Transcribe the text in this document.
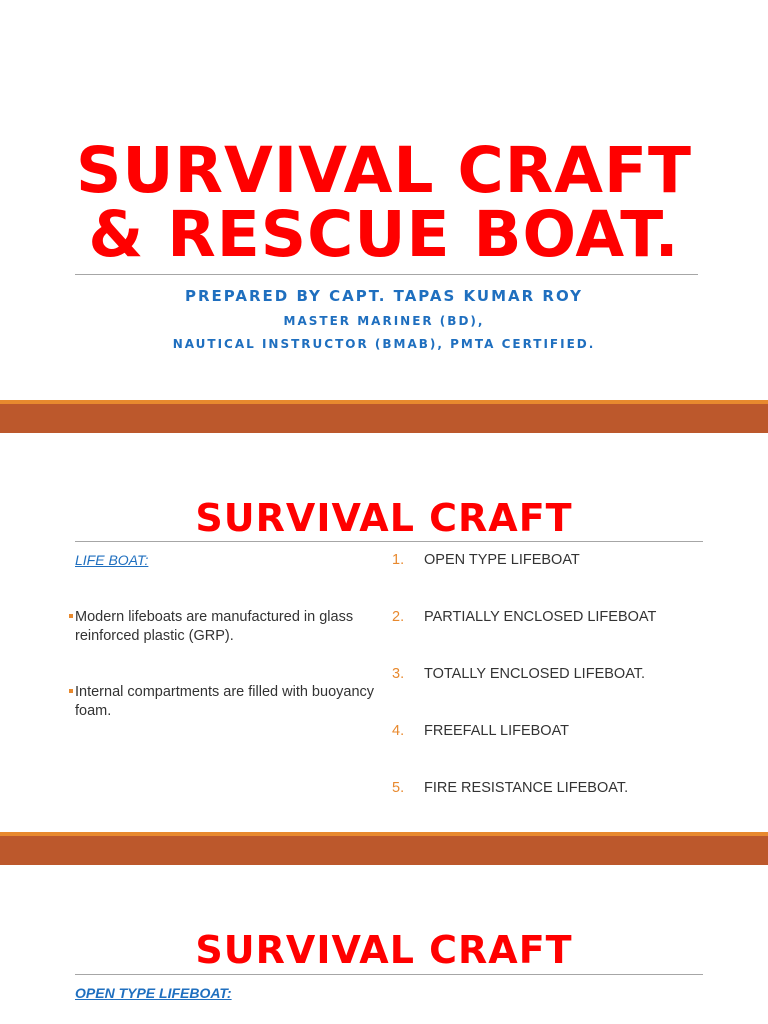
SURVIVAL CRAFT
& RESCUE BOAT.
PREPARED BY CAPT. TAPAS KUMAR ROY
MASTER MARINER (BD),
NAUTICAL INSTRUCTOR (BMAB), PMTA CERTIFIED.
SURVIVAL CRAFT
LIFE BOAT:
Modern lifeboats are manufactured in glass reinforced plastic (GRP).
Internal compartments are filled with buoyancy foam.
1. OPEN TYPE LIFEBOAT
2. PARTIALLY ENCLOSED LIFEBOAT
3. TOTALLY ENCLOSED LIFEBOAT.
4. FREEFALL LIFEBOAT
5. FIRE RESISTANCE LIFEBOAT.
SURVIVAL CRAFT
OPEN TYPE LIFEBOAT:
